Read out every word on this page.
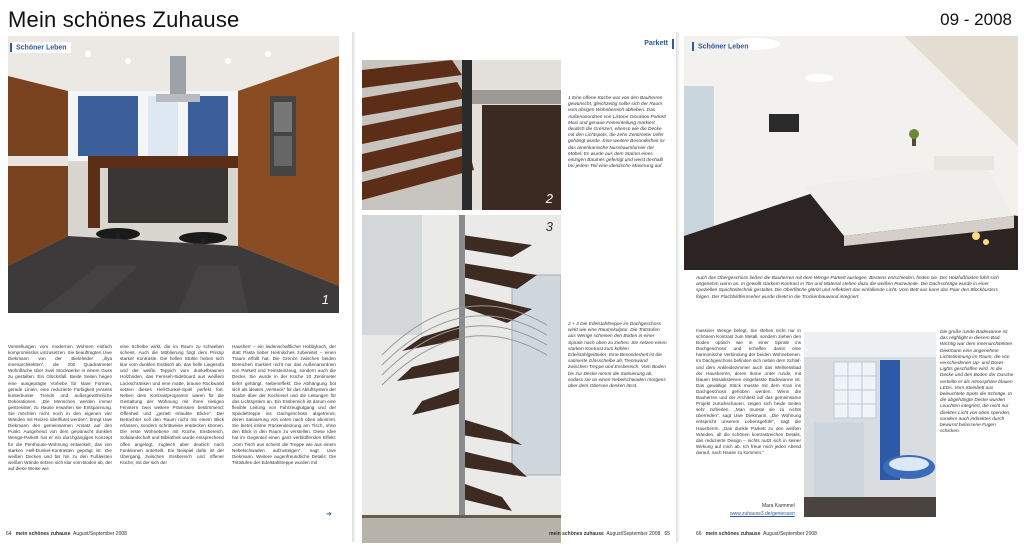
Mein schönes Zuhause	09 - 2008
Schöner Leben
1
Vorstellungen vom modernen Wohnen einfach kompromisslos umzusetzen. Sie beauftragten Uwe Diekmann von der Bielefelder „illya innenarchitekten“, die 200 Quadratmeter Wohnfläche über zwei Stockwerke in einem Guss zu gestalten. Ein Glücksfall. Beide Seiten hegen eine ausgeprägte Vorliebe für klare Formen, gerade Linien, eine reduzierte Farbigkeit jenseits kunterbunter Trends und außergewöhnliche Dekorationen. „Die Menschen werden immer gestresster, zu Hause erwarten sie Entspannung. Sie möchten nicht noch in den eigenen vier Wänden mit Reizen überflutet werden“, bringt Uwe Diekmann den gemeinsamen Ansatz auf den Punkt. Ausgehend von dem gewünscht dunklen Wenge-Parkett hat er ein durchgängiges Konzept für die Penthouse-Wohnung entwickelt, das von starken Hell-Dunkel-Kontrasten geprägt ist. Die weißen Decken und bis hin zu den Fußleisten weißen Wände setzen sich klar vom Boden ab, der auf diese Weise wie
eine Scheibe wirkt, die im Raum zu schweben scheint. Auch die Möblierung folgt dem Prinzip starker Kontraste. Die hellen Stühle heben sich klar vom dunklen Esstisch ab, das helle Liegesofa und der weiße Teppich vom dunkelbraunen Holzboden, das Fernseh-Sideboard aus weißem Lackschränken und eine matte, braune Rückwand setzen dieses Hell-Dunkel-Spiel perfekt fort. Neben dem Kontrastprogramm waren für die Gestaltung der Wohnung mit ihren riesigen Fenstern zwei weitere Prämissen bestimmend: Offenheit und „gezielt erlaubte Blicke“. Der Betrachter soll den Raum nicht mit einem Blick erfassen, sondern schrittweise entdecken können. Die erste Wohnebene mit Küche, Essbereich, Sofalandschaft und Bibliothek wurde entsprechend offen angelegt, zugleich aber deutlich nach Funktionen unterteilt. Ein Beispiel dafür ist der Übergang zwischen Essbereich und offener Küche, mit der sich der
Hausherr – ein leidenschaftlicher Hobbykoch, der statt Pasta lieber Heimisches zubereitet – einen Traum erfüllt hat. Die Grenze zwischen beiden Bereichen markiert nicht nur das Außenanordnen von Parkett und Feinsteinzeug, sondern auch die Decke. Sie wurde in der Küche 10 Zentimeter tiefer gehängt. Nebeneffekt: Die Abhängung bot sich als ideales „Versteck“ für das Abluftsystem der Haube über der Kochinsel und die Leitungen für das Lichtsystem an. Ein Essbereich ist darum eine flexible Leitung von Fahrzeuglutgang und der Spindeltreppe ins Dachgeschoss abgetrennt, deren Satinierung von unten nach oben abnimmt. Sie bietet intime Rückendeckung am Tisch, ohne den Blick in den Raum zu verstellen. Diese Idee hat im Gegenteil einen ganz verblüffenden Effekt: „Vom Tisch aus scheint die Treppe wie aus einem Nebelschwaden aufzusteigen“, sagt Uwe Diekmann. Weitere augenfreundliche Details: Die Trittstufen der Edelstahltreppe wurden mit
➜
64 mein schönes zuhause August/September 2008
2
3
Parkett
1 Eine offene Küche war von den Bauherren gewünscht, gleichzeitig sollte sich der Raum vom übrigen Wohnbereich abheben. Das Außenanordnen von Listone Giordano Parkett Maxi und genaue Feineinteilung markiert deutlich die Grenzen, ebenso wie die Decke mit den Lichtspots, die zehn Zentimeter tiefer gehängt wurde. Eine weitere Besonderheit ist das amerikanische Nussbaumfurnier der Möbel. Es wurde aus dem Stamm eines einzigen Baumes gefertigt und weist deshalb bei jedem Teil eine identische Maserung auf.
2 + 3 Die Edelstahltreppe im Dachgeschoss wirkt wie eine Raumskulptur. Die Trittstufen aus Wenge scheinen den Boden in einer Spirale nach oben zu ziehen. Sie setzen einen starken Kontrast zum kühlen Edelstahlgeländer. Eine Besonderheit ist die satinierte Glasscheibe als Trennwand zwischen Treppe und Essbereich. Vom Boden bis zur Decke nimmt die Satinierung ab, sodass sie an einen Nebelschwaden morgens über dem Obersee denken lässt.
mein schönes zuhause August/September 2008 65
Schöner Leben
Auch das Obergeschoss ließen die Bauherren mit dem Wenge-Parkett auslegen. Bestens entschieden, finden sie. Der Holzfußboden fühlt sich angenehm warm an. In gewollt starkem Kontrast in Ton und Material stehen dazu die weißen Putzwände. Die Dachschräge wurde in einer speziellen Spachteltechnik gestaltet. Die Oberfläche glänzt und reflektiert das einfallende Licht. Vom Bett aus kann das Paar den Blockbusters folgen. Der Flachbildfernseher wurde direkt in die Trockenbauwand integriert.
massiver Wenge belegt. Sie stehen nicht nur in schönem Kontrast zum Metall, sondern ziehen den Boden optisch wie in einer Spirale ins Dachgeschoss und schaffen damit eine harmonische Verbindung der beiden Wohnebenen. Im Dachgeschoss befinden sich neben dem Schlaf- und dem Ankleidezimmer auch das Wellnessbad der Hausherren, deren Ikone unter runde, mit blauen Mosaiksteinen eingefasste Badewanne ist. Das gewaltige Stück musste mit dem Kran ins Dachgeschoss gehoben werden. Wenn die Bauherren und der Architekt auf das gemeinsame Projekt zurückschauen, zeigen sich beide Seiten sehr zufrieden. „Man musste sie zu nichts überreden“, sagt Uwe Diekmann. „Die Wohnung entspricht unserem Lebensgefühl“, sagt die Hausherrin. „Das dunkle Parkett zu den weißen Wänden, all die schönen kontrastreichen Details, das reduzierte Design – nichts nutzt sich in seiner Wirkung auf mich ab. Ich freue mich jeden Abend darauf, nach Hause zu kommen.“
Mara Karmmel
www.zuhause3.de/geniessen
Die große runde Badewanne ist das Highlight in diesem Bad. Wichtig war dem Innenarchitekten Diekmann eine angenehme Lichtstimmung im Raum, die von verschiedenen Up- und Down-Lights geschaffen wird. In die Decke und den Boden der Dusche verteilte er als Atmosphäre blauen LEDs. Vom Steinbett aus beleuchtete Spots die Schräge. In die abgehängte Decke wurden Leuchten integriert, die nicht nur direktes Licht von oben spenden, sondern auch indirektes durch bewusst belassene Fugen schicken.
66 mein schönes zuhause August/September 2008
